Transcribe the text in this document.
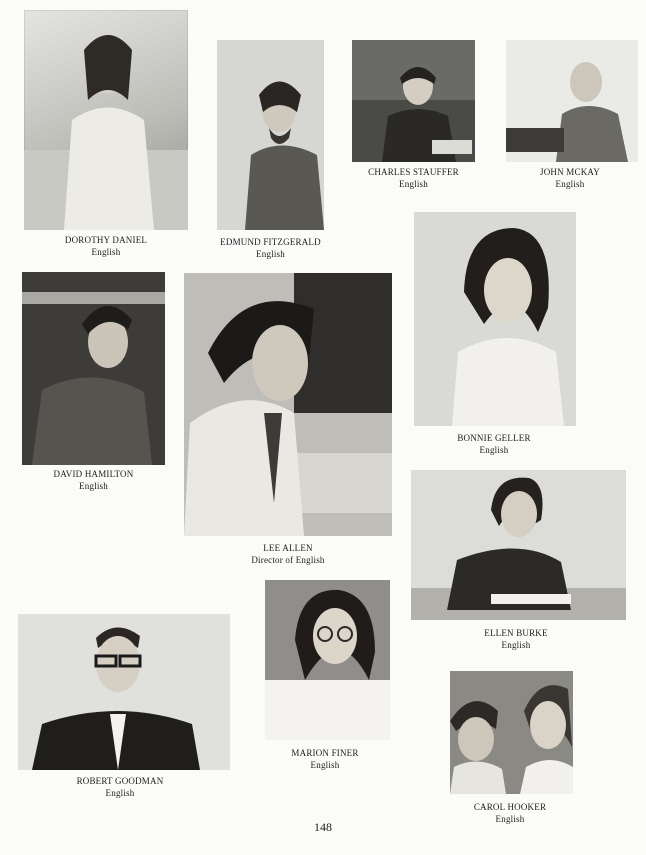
DOROTHY DANIEL
English
EDMUND FITZGERALD
English
CHARLES STAUFFER
English
JOHN MCKAY
English
BONNIE GELLER
English
DAVID HAMILTON
English
LEE ALLEN
Director of English
ELLEN BURKE
English
ROBERT GOODMAN
English
MARION FINER
English
CAROL HOOKER
English
148
